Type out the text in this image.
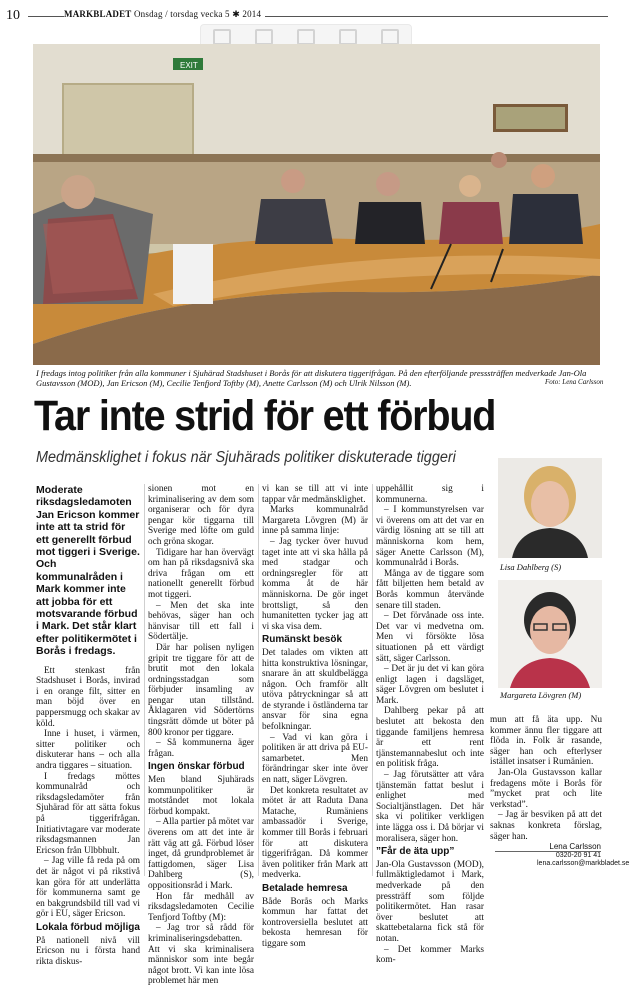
10	MARKBLADET Onsdag / torsdag vecka 5 ✱ 2014
EXIT
I fredags intog politiker från alla kommuner i Sjuhärad Stadshuset i Borås för att diskutera tiggerifrågan. På den efterföljande presssträffen medverkade Jan-Ola Gustavsson (MOD), Jan Ericson (M), Cecilie Tenfjord Toftby (M), Anette Carlsson (M) och Ulrik Nilsson (M).	Foto: Lena Carlsson
Tar inte strid för ett förbud
Medmänsklighet i fokus när Sjuhärads politiker diskuterade tiggeri

Moderate riksdagsledamoten Jan Ericson kommer inte att ta strid för ett generellt förbud mot tiggeri i Sverige. Och kommunalråden i Mark kommer inte att jobba för ett motsvarande förbud i Mark. Det står klart efter politikermötet i Borås i fredags.

Ett stenkast från Stadshuset i Borås, invirad i en orange filt, sitter en man böjd över en pappersmugg och skakar av köld.

Inne i huset, i värmen, sitter politiker och diskuterar hans – och alla andra tiggares – situation.

I fredags möttes kommunalråd och riksdagsledamöter från Sjuhärad för att sätta fokus på tiggerifrågan. Initiativtagare var moderate riksdagsmannen Jan Ericson från Ulbbhult.

– Jag ville få reda på om det är något vi på rikstivå kan göra för att underlätta för kommunerna samt ge en bakgrundsbild till vad vi gör i EU, säger Ericson.

Lokala förbud möjliga

På nationell nivå vill Ericson nu i första hand rikta diskus-

sionen mot en kriminalisering av dem som organiserar och för dyra pengar kör tiggarna till Sverige med löfte om guld och gröna skogar.

Tidigare har han övervägt om han på riksdagsnivå ska driva frågan om ett nationellt generellt förbud mot tiggeri.

– Men det ska inte behövas, säger han och hänvisar till ett fall i Södertälje.

Där har polisen nyligen gripit tre tiggare för att de brutit mot den lokala ordningsstadgan som förbjuder insamling av pengar utan tillstånd. Åklagaren vid Södertörns tingsrätt dömde ut böter på 800 kronor per tiggare.

– Så kommunerna äger frågan.

Ingen önskar förbud

Men bland Sjuhärads kommunpolitiker är motståndet mot lokala förbud kompakt.

– Alla partier på mötet var överens om att det inte är rätt väg att gå. Förbud löser inget, då grundproblemet är fattigdomen, säger Lisa Dahlberg (S), oppositionsråd i Mark.

Hon får medhåll av riksdagsledamoten Cecilie Tenfjord Toftby (M):

– Jag tror så rådd för kriminaliseringsdebatten. Att vi ska kriminalisera människor som inte begår något brott. Vi kan inte lösa problemet här men

vi kan se till att vi inte tappar vår medmänsklighet.

Marks kommunalråd Margareta Lövgren (M) är inne på samma linje:

– Jag tycker över huvud taget inte att vi ska hålla på med stadgar och ordningsregler för att komma åt de här människorna. De gör inget brottsligt, så den humanitetten tycker jag att vi ska visa dem.

Rumänskt besök

Det talades om vikten att hitta konstruktiva lösningar, snarare än att skuldbelägga någon. Och framför allt utöva påtryckningar så att de styrande i östländerna tar ansvar för sina egna befolkningar.

– Vad vi kan göra i politiken är att driva på EU-samarbetet. Men förändringar sker inte över en natt, säger Lövgren.

Det konkreta resultatet av mötet är att Raduta Dana Matache, Rumäniens ambassadör i Sverige, kommer till Borås i februari för att diskutera tiggerifrågan. Då kommer även politiker från Mark att medverka.

Betalade hemresa

Både Borås och Marks kommun har fattat det kontroversiella beslutet att bekosta hemresan för tiggare som

uppehållit sig i kommunerna.

– I kommunstyrelsen var vi överens om att det var en värdig lösning att se till att människorna kom hem, säger Anette Carlsson (M), kommunalråd i Borås.

Många av de tiggare som fått biljetten hem betald av Borås kommun återvände senare till staden.

– Det förvånade oss inte. Det var vi medvetna om. Men vi försökte lösa situationen på ett värdigt sätt, säger Carlsson.

– Det är ju det vi kan göra enligt lagen i dagsläget, säger Lövgren om beslutet i Mark.

Dahlberg pekar på att beslutet att bekosta den tiggande familjens hemresa är ett rent tjänstemannabeslut och inte en politisk fråga.

– Jag förutsätter att våra tjänstemän fattat beslut i enlighet med Socialtjänstlagen. Det här ska vi politiker verkligen inte lägga oss i. Då börjar vi moralisera, säger hon.

”Får de äta upp”

Jan-Ola Gustavsson (MOD), fullmäktigledamot i Mark, medverkade på den pressträff som följde politikermötet. Han rasar över beslutet att skattebetalarna fick stå för notan.

– Det kommer Marks kom-

Lisa Dahlberg (S)
Margareta Lövgren (M)

mun att få äta upp. Nu kommer ännu fler tiggare att flöda in. Folk är rasande, säger han och efterlyser istället insatser i Rumänien.

Jan-Ola Gustavsson kallar fredagens möte i Borås för ”mycket prat och lite verkstad”.

– Jag är besviken på att det saknas konkreta förslag, säger han.

Lena Carlsson
0320-20 91 41
lena.carlsson@markbladet.se
